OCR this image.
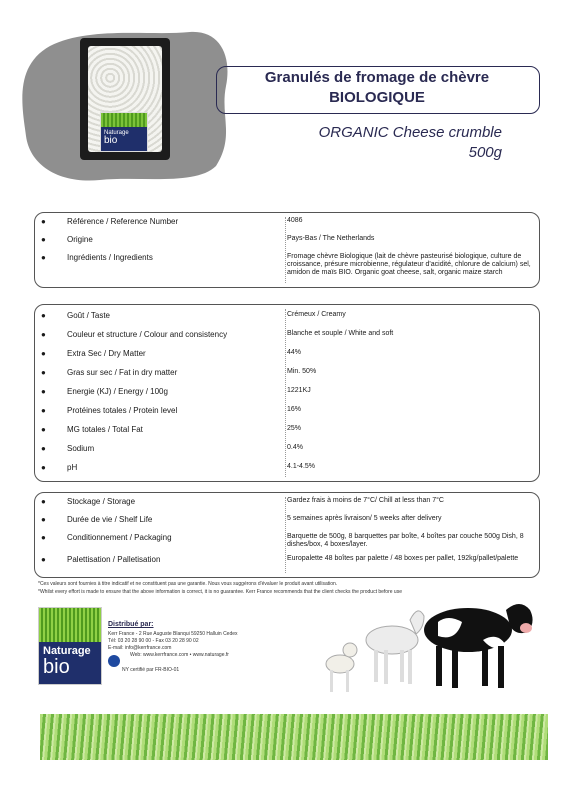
Naturage
bio
Granulés de fromage de chèvre
BIOLOGIQUE
ORGANIC Cheese crumble
500g
●	Référence / Reference Number	4086
●	Origine	Pays-Bas / The Netherlands
●	Ingrédients / Ingredients	Fromage chèvre Biologique (lait de chèvre pasteurisé biologique, culture de croissance, présure microbienne, régulateur d'acidité, chlorure de calcium) sel, amidon de maïs BIO. Organic goat cheese, salt, organic maize starch
●	Goût / Taste	Crémeux / Creamy
●	Couleur et structure / Colour and consistency	Blanche et souple / White and soft
●	Extra Sec / Dry Matter	44%
●	Gras sur sec / Fat in dry matter	Min. 50%
●	Energie (KJ) / Energy / 100g	1221KJ
●	Protéines totales / Protein level	16%
●	MG totales / Total Fat	25%
●	Sodium	0.4%
●	pH	4.1-4.5%
●	Stockage / Storage	Gardez frais à moins de 7°C/ Chill at less than 7°C
●	Durée de vie / Shelf Life	5 semaines après livraison/ 5 weeks after delivery
●	Conditionnement / Packaging	Barquette de 500g, 8 barquettes par boîte, 4 boîtes par couche 500g Dish, 8 dishes/box, 4 boxes/layer.
●	Palettisation / Palletisation	Europalette 48 boîtes par palette / 48 boxes per pallet, 192kg/pallet/palette
*Ces valeurs sont fournies à titre indicatif et ne constituent pas une garantie. Nous vous suggérons d'évaluer le produit avant utilisation.
*Whilst every effort is made to ensure that the above information is correct, it is no guarantee. Kerr France recommends that the client checks the product before use
Naturage
bio
Distribué par:
Kerr France - 2 Rue Auguste Blanqui 59250 Halluin Cedex
Tél: 03 20 28 90 00 - Fax 03 20 28 90 02
E-mail: info@kerrfrance.com
Web: www.kerrfrance.com • www.naturage.fr
NY certifié par FR-BIO-01
